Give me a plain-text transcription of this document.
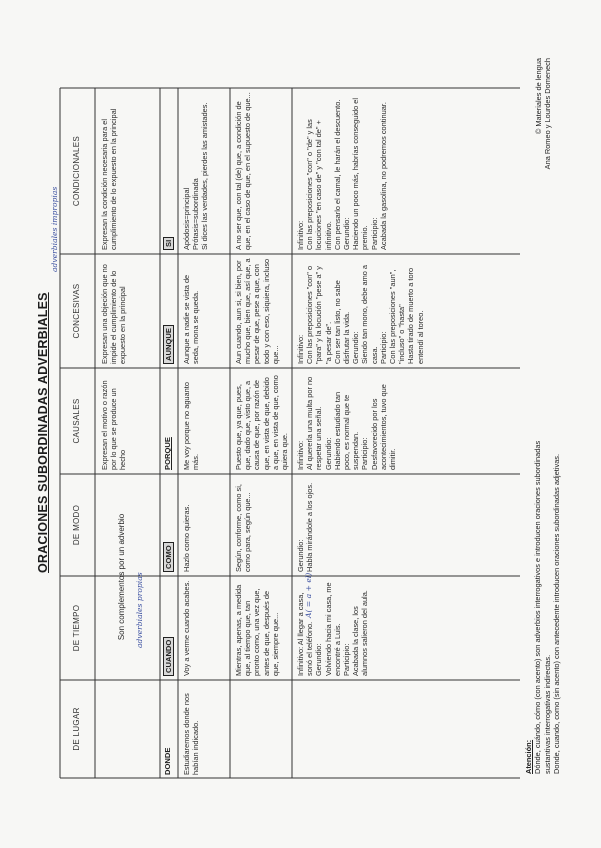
ORACIONES SUBORDINADAS ADVERBIALES
adverbiales impropias
DE LUGAR
DE TIEMPO
DE MODO
CAUSALES
CONCESIVAS
CONDICIONALES
Son complementos por un adverbio adverbiales propias
Expresan el motivo o razón por lo que se produce un hecho
Expresan una objeción que no impide el cumplimiento de lo expuesto en la principal
Expresan la condición necesaria para el cumplimiento de lo expuesto en la principal
DONDE
CUANDO
COMO
PORQUE
AUNQUE
SI
Estudiaremos donde nos habían indicado.
Voy a verme cuando acabes.
Hazlo como quieras.
Me voy porque no aguanto más.
Aunque a nadie se vista de seda, mona se queda.
Apódosis=principal
Prótasis=subordinada
Si dices las verdades, pierdes las amistades.
Mientras, apenas, a medida que, al tiempo que, tan pronto como, una vez que, antes de que, después de que, siempre que...
Según, conforme, como si, como para, según que...
Puesto que, ya que, pues, que, dado que, visto que, a causa de que, por razón de que, en vista de que, debido a que, en vista de que, como quiera que.
Aun cuando, aun si, si bien, por mucho que, bien que, así que, a pesar de que, pese a que, con todo y con eso, siquiera, incluso que...
A no ser que, con tal (de) que, a condición de que, en el caso de que, en el supuesto de que...
Infinitivo: Al llegar a casa, sonó el teléfono.
Gerundio:
Volviendo hacia mi casa, me encontré a Luis.
Participio:
Acabada la clase, los alumnos salieron del aula.
A( = a + el)
Gerundio:
Habla mirándole a los ojos.
Infinitivo:
Al quererla una multa por no respetar una señal.
Gerundio:
Habiendo estudiado tan poco, es normal que te suspendan.
Participio:
Desfavorecido por los acontecimientos, tuvo que dimitir.
Infinitivo:
Con las preposiciones "con" o "para" y la locución "pese a" y "a pesar de".
Con ser tan listo, no sabe disfrutar la vida.
Gerundio:
Siendo tan mono, debe amo a casa.
Participio:
Con las preposiciones "aun", "incluso" o "hasta"
Hasta tirado de muerto a toro entendí al toreo.
Infinitivo:
Con las preposiciones "con" o "de" y las locuciones "en caso de" y "con tal de" + infinitivo.
Con pensarlo el camal, le harán el descuento.
Gerundio:
Haciendo un poco más, habrías conseguido el premio.
Participio:
Acabada la gasolina, no podremos continuar.
Atención: Dónde, cuándo, cómo (con acento) son adverbios interrogativos e introducen oraciones subordinadas sustantivas interrogativas indirectas. Donde, cuando, como (sin acento) con antecedente introducen oraciones subordinadas adjetivas.
© Materiales de lengua Ana Romeo y Lourdes Domenech
